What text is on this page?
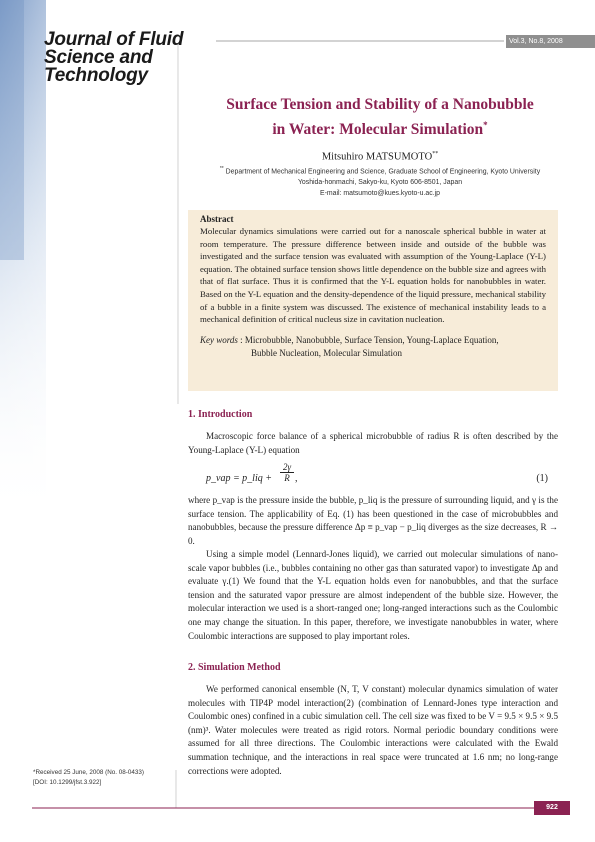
Journal of Fluid
Science and
Technology
Vol.3, No.8, 2008
Surface Tension and Stability of a Nanobubble
in Water: Molecular Simulation*
Mitsuhiro MATSUMOTO**
** Department of Mechanical Engineering and Science, Graduate School of Engineering, Kyoto University
Yoshida-honmachi, Sakyo-ku, Kyoto 606-8501, Japan
E-mail: matsumoto@kues.kyoto-u.ac.jp
Abstract
Molecular dynamics simulations were carried out for a nanoscale spherical bubble in water at room temperature. The pressure difference between inside and outside of the bubble was investigated and the surface tension was evaluated with assumption of the Young-Laplace (Y-L) equation. The obtained surface tension shows little dependence on the bubble size and agrees with that of flat surface. Thus it is confirmed that the Y-L equation holds for nanobubbles in water. Based on the Y-L equation and the density-dependence of the liquid pressure, mechanical stability of a bubble in a finite system was discussed. The existence of mechanical instability leads to a mechanical definition of critical nucleus size in cavitation nucleation.
Key words : Microbubble, Nanobubble, Surface Tension, Young-Laplace Equation,
Bubble Nucleation, Molecular Simulation
1. Introduction
Macroscopic force balance of a spherical microbubble of radius R is often described by the Young-Laplace (Y-L) equation
p_vap = p_liq + $\frac{2\gamma}{R}$ ,	(1)
where p_vap is the pressure inside the bubble, p_liq is the pressure of surrounding liquid, and γ is the surface tension. The applicability of Eq. (1) has been questioned in the case of microbubbles and nanobubbles, because the pressure difference Δp ≡ p_vap − p_liq diverges as the size decreases, R → 0.
Using a simple model (Lennard-Jones liquid), we carried out molecular simulations of nano-scale vapor bubbles (i.e., bubbles containing no other gas than saturated vapor) to investigate Δp and evaluate γ.(1) We found that the Y-L equation holds even for nanobubbles, and that the surface tension and the saturated vapor pressure are almost independent of the bubble size. However, the molecular interaction we used is a short-ranged one; long-ranged interactions such as the Coulombic one may change the situation. In this paper, therefore, we investigate nanobubbles in water, where Coulombic interactions are supposed to play important roles.
2. Simulation Method
We performed canonical ensemble (N, T, V constant) molecular dynamics simulation of water molecules with TIP4P model interaction(2) (combination of Lennard-Jones type interaction and Coulombic ones) confined in a cubic simulation cell. The cell size was fixed to be V = 9.5 × 9.5 × 9.5 (nm)³. Water molecules were treated as rigid rotors. Normal periodic boundary conditions were assumed for all three directions. The Coulombic interactions were calculated with the Ewald summation technique, and the interactions in real space were truncated at 1.6 nm; no long-range corrections were adopted.
*Received 25 June, 2008 (No. 08-0433)
[DOI: 10.1299/jfst.3.922]
922
